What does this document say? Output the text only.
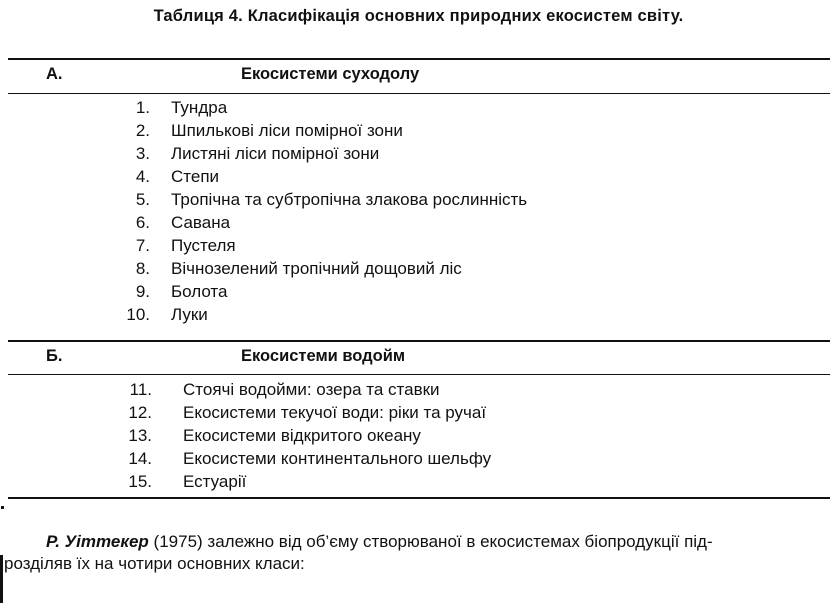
Таблиця 4. Класифікація основних природних екосистем світу.
А.	Екосистеми суходолу
1. Тундра
2. Шпилькові ліси помірної зони
3. Листяні ліси помірної зони
4. Степи
5. Тропічна та субтропічна злакова рослинність
6. Савана
7. Пустеля
8. Вічнозелений тропічний дощовий ліс
9. Болота
10. Луки
Б.	Екосистеми водойм
11. Стоячі водойми: озера та ставки
12. Екосистеми текучої води: ріки та ручаї
13. Екосистеми відкритого океану
14. Екосистеми континентального шельфу
15. Естуарії
Р. Уіттекер (1975) залежно від об’єму створюваної в екосистемах біопродукції під-
розділяв їх на чотири основних класи:
